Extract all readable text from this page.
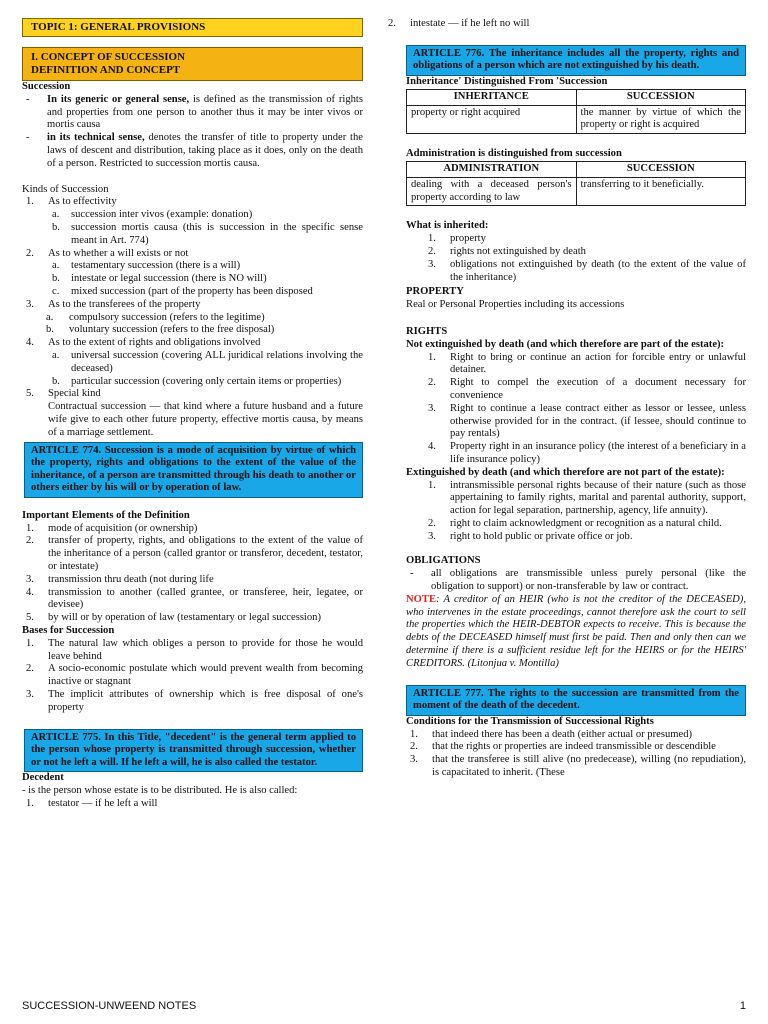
TOPIC 1: GENERAL PROVISIONS
I. CONCEPT OF SUCCESSION
DEFINITION AND CONCEPT
Succession
- In its generic or general sense, is defined as the transmission of rights and properties from one person to another thus it may be inter vivos or mortis causa
- in its technical sense, denotes the transfer of title to property under the laws of descent and distribution, taking place as it does, only on the death of a person. Restricted to succession mortis causa.
Kinds of Succession
1. As to effectivity
a. succession inter vivos (example: donation)
b. succession mortis causa (this is succession in the specific sense meant in Art. 774)
2. As to whether a will exists or not
a. testamentary succession (there is a will)
b. intestate or legal succession (there is NO will)
c. mixed succession (part of the property has been disposed
3. As to the transferees of the property
a. compulsory succession (refers to the legitime)
b. voluntary succession (refers to the free disposal)
4. As to the extent of rights and obligations involved
a. universal succession (covering ALL juridical relations involving the deceased)
b. particular succession (covering only certain items or properties)
5. Special kind
Contractual succession — that kind where a future husband and a future wife give to each other future property, effective mortis causa, by means of a marriage settlement.
ARTICLE 774. Succession is a mode of acquisition by virtue of which the property, rights and obligations to the extent of the value of the inheritance, of a person are transmitted through his death to another or others either by his will or by operation of law.
Important Elements of the Definition
1. mode of acquisition (or ownership)
2. transfer of property, rights, and obligations to the extent of the value of the inheritance of a person (called grantor or transferor, decedent, testator, or intestate)
3. transmission thru death (not during life
4. transmission to another (called grantee, or transferee, heir, legatee, or devisee)
5. by will or by operation of law (testamentary or legal succession)
Bases for Succession
1. The natural law which obliges a person to provide for those he would leave behind
2. A socio-economic postulate which would prevent wealth from becoming inactive or stagnant
3. The implicit attributes of ownership which is free disposal of one's property
ARTICLE 775. In this Title, "decedent" is the general term applied to the person whose property is transmitted through succession, whether or not he left a will. If he left a will, he is also called the testator.
Decedent
- is the person whose estate is to be distributed. He is also called:
1. testator — if he left a will
2. intestate — if he left no will
ARTICLE 776. The inheritance includes all the property, rights and obligations of a person which are not extinguished by his death.
Inheritance' Distinguished From 'Succession
INHERITANCE	SUCCESSION
property or right acquired	the manner by virtue of which the property or right is acquired
Administration is distinguished from succession
ADMINISTRATION	SUCCESSION
dealing with a deceased person's property according to law	transferring to it beneficially.
What is inherited:
1. property
2. rights not extinguished by death
3. obligations not extinguished by death (to the extent of the value of the inheritance)
PROPERTY
Real or Personal Properties including its accessions
RIGHTS
Not extinguished by death (and which therefore are part of the estate):
1. Right to bring or continue an action for forcible entry or unlawful detainer.
2. Right to compel the execution of a document necessary for convenience
3. Right to continue a lease contract either as lessor or lessee, unless otherwise provided for in the contract. (if lessee, should continue to pay rentals)
4. Property right in an insurance policy (the interest of a beneficiary in a life insurance policy)
Extinguished by death (and which therefore are not part of the estate):
1. intransmissible personal rights because of their nature (such as those appertaining to family rights, marital and parental authority, support, action for legal separation, partnership, agency, life annuity).
2. right to claim acknowledgment or recognition as a natural child.
3. right to hold public or private office or job.
OBLIGATIONS
- all obligations are transmissible unless purely personal (like the obligation to support) or non-transferable by law or contract.
NOTE: A creditor of an HEIR (who is not the creditor of the DECEASED), who intervenes in the estate proceedings, cannot therefore ask the court to sell the properties which the HEIR-DEBTOR expects to receive. This is because the debts of the DECEASED himself must first be paid. Then and only then can we determine if there is a sufficient residue left for the HEIRS or for the HEIRS' CREDITORS. (Litonjua v. Montilla)
ARTICLE 777. The rights to the succession are transmitted from the moment of the death of the decedent.
Conditions for the Transmission of Successional Rights
1. that indeed there has been a death (either actual or presumed)
2. that the rights or properties are indeed transmissible or descendible
3. that the transferee is still alive (no predecease), willing (no repudiation), is capacitated to inherit. (These
SUCCESSION-UNWEEND NOTES	1
